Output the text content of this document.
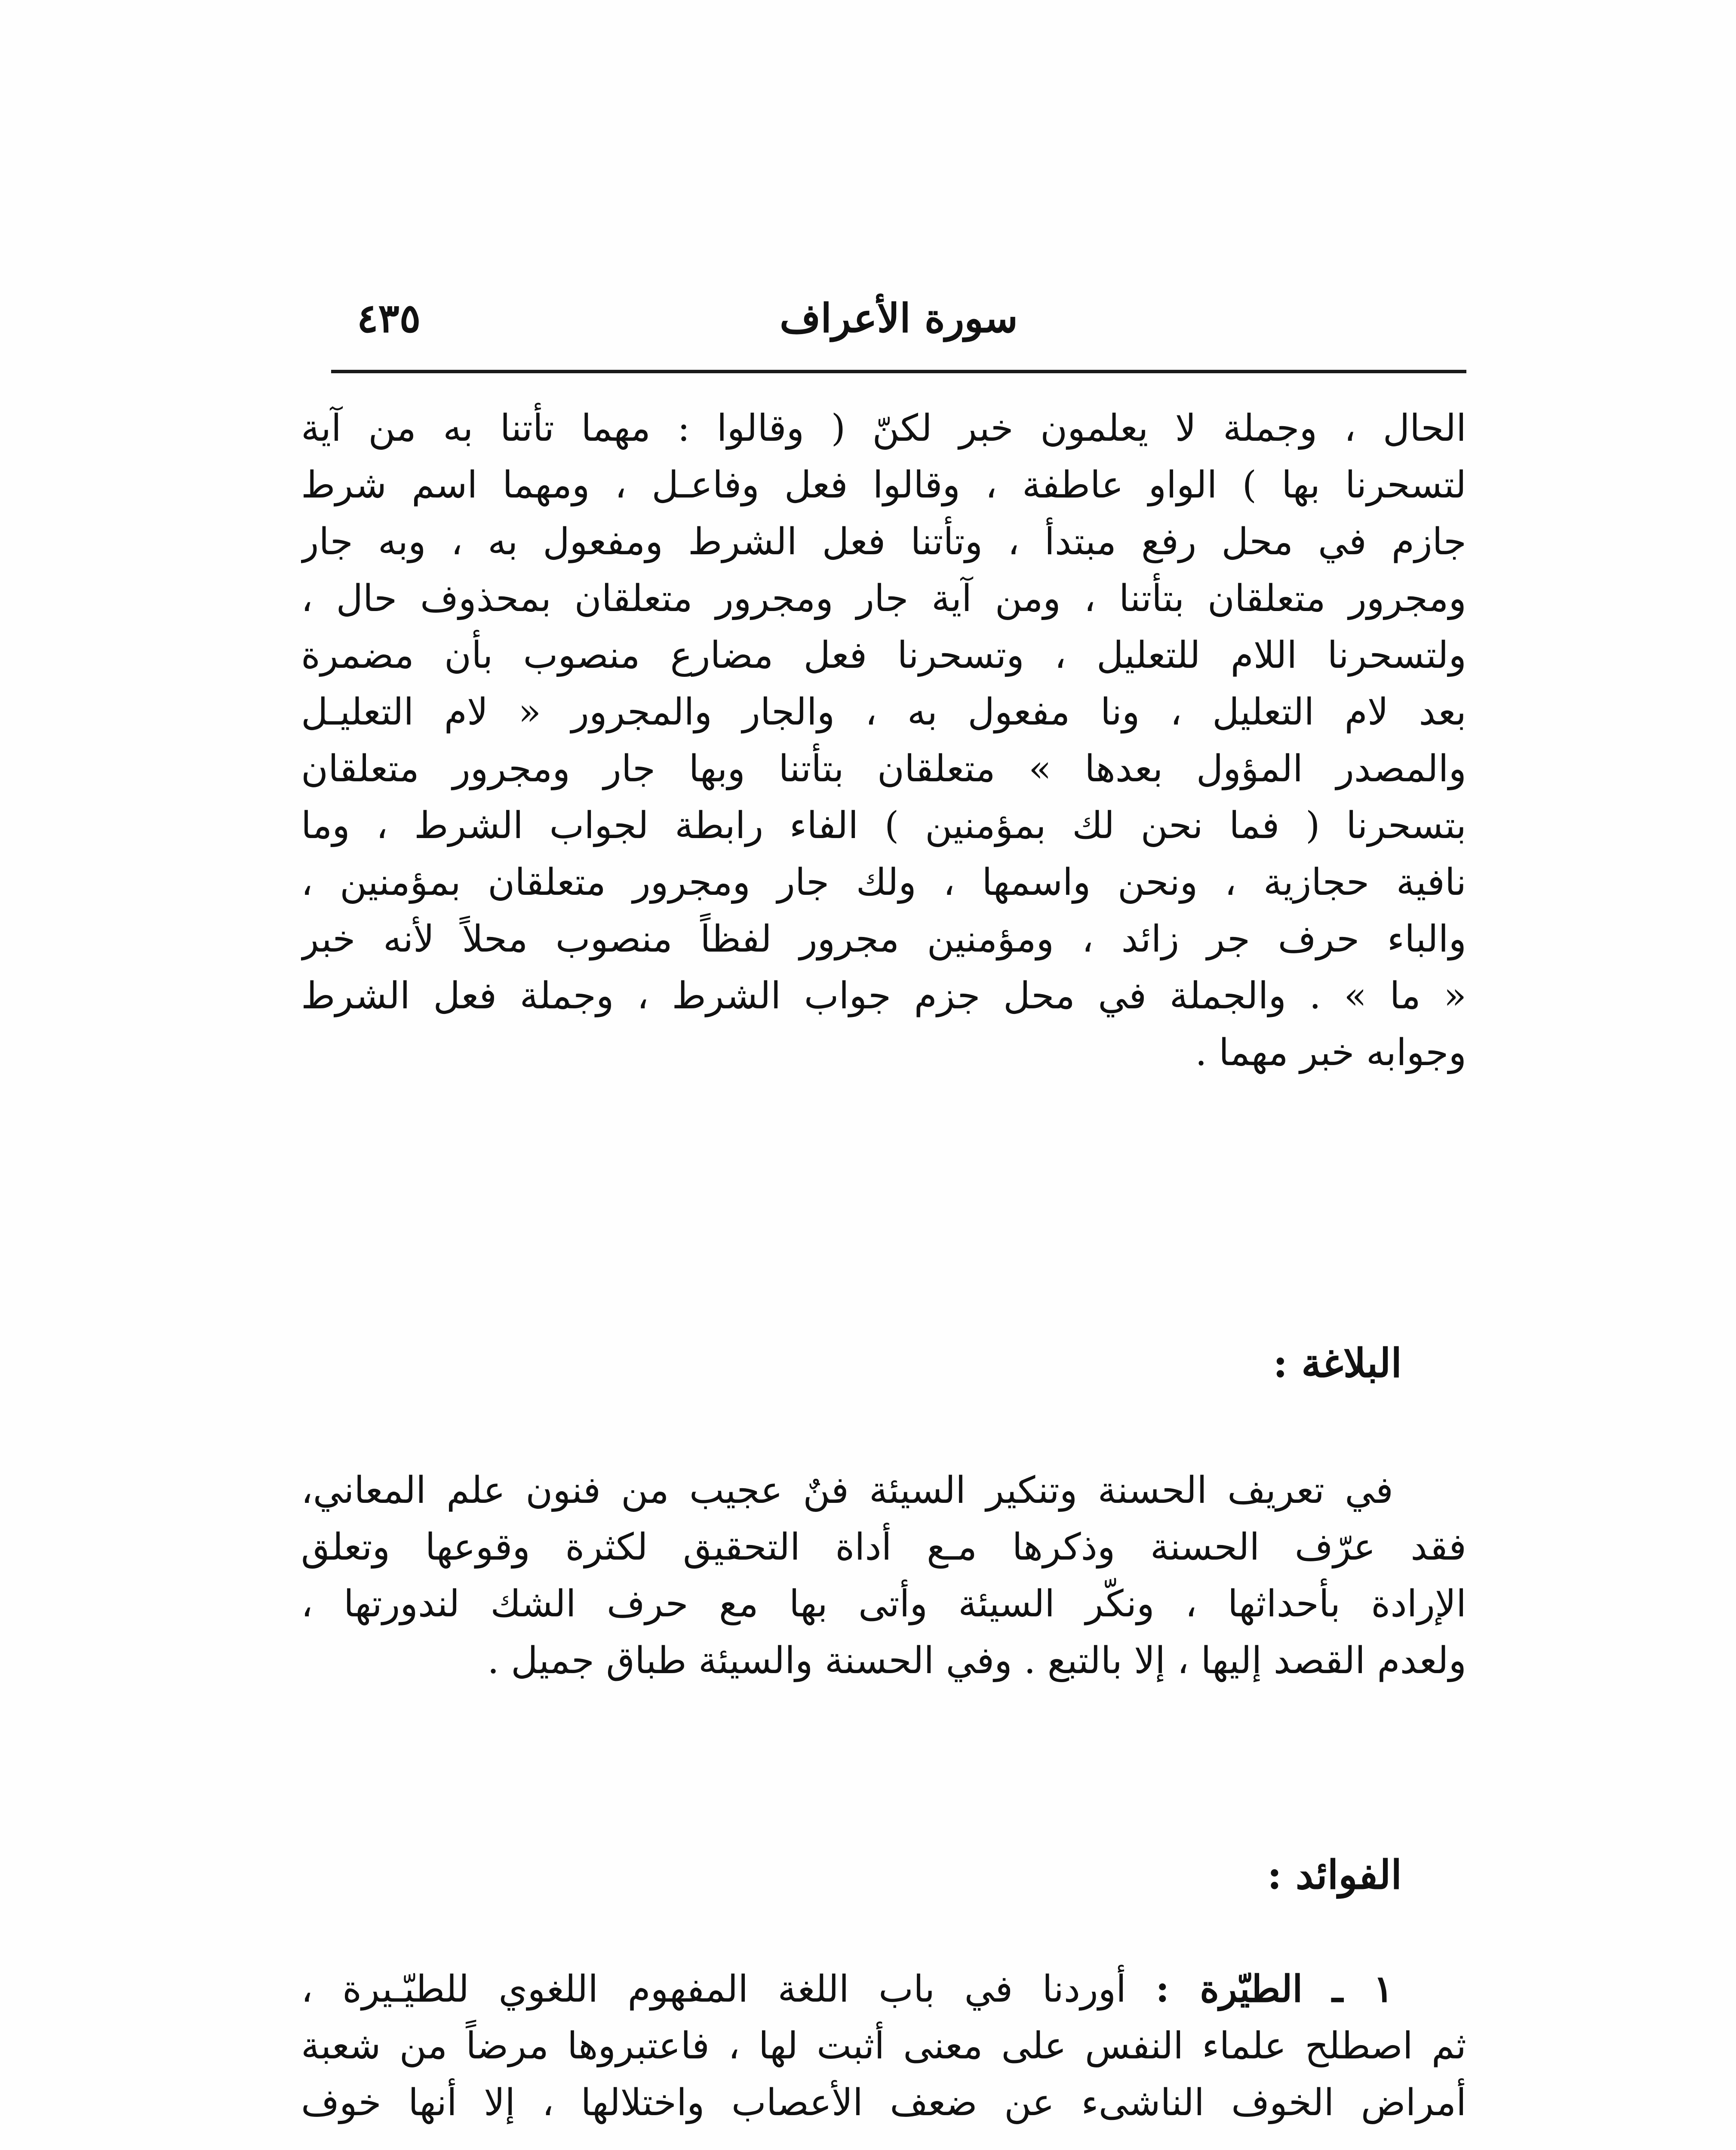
سورة الأعراف
٤٣٥
الحال ، وجملة لا يعلمون خبر لكنّ ( وقالوا : مهما تأتنا به من آية
لتسحرنا بها ) الواو عاطفة ، وقالوا فعل وفاعـل ، ومهما اسم شرط
جازم في محل رفع مبتدأ ، وتأتنا فعل الشرط ومفعول به ، وبه جار
ومجرور متعلقان بتأتنا ، ومن آية جار ومجرور متعلقان بمحذوف حال ،
ولتسحرنا اللام للتعليل ، وتسحرنا فعل مضارع منصوب بأن مضمرة
بعد لام التعليل ، ونا مفعول به ، والجار والمجرور « لام التعليـل
والمصدر المؤول بعدها » متعلقان بتأتنا وبها جار ومجرور متعلقان
بتسحرنا ( فما نحن لك بمؤمنين ) الفاء رابطة لجواب الشرط ، وما
نافية حجازية ، ونحن واسمها ، ولك جار ومجرور متعلقان بمؤمنين ،
والباء حرف جر زائد ، ومؤمنين مجرور لفظاً منصوب محلاً لأنه خبر
« ما » . والجملة في محل جزم جواب الشرط ، وجملة فعل الشرط
وجوابه خبر مهما .
البلاغة :
في تعريف الحسنة وتنكير السيئة فنٌ عجيب من فنون علم المعاني،
فقد عرّف الحسنة وذكرها مـع أداة التحقيق لكثرة وقوعها وتعلق
الإرادة بأحداثها ، ونكّر السيئة وأتى بها مع حرف الشك لندورتها ،
ولعدم القصد إليها ، إلا بالتبع . وفي الحسنة والسيئة طباق جميل .
الفوائد :
١ ـ الطيّرة : أوردنا في باب اللغة المفهوم اللغوي للطيّـيرة ،
ثم اصطلح علماء النفس على معنى أثبت لها ، فاعتبروها مرضاً من شعبة
أمراض الخوف الناشىء عن ضعف الأعصاب واختلالها ، إلا أنها خوف
